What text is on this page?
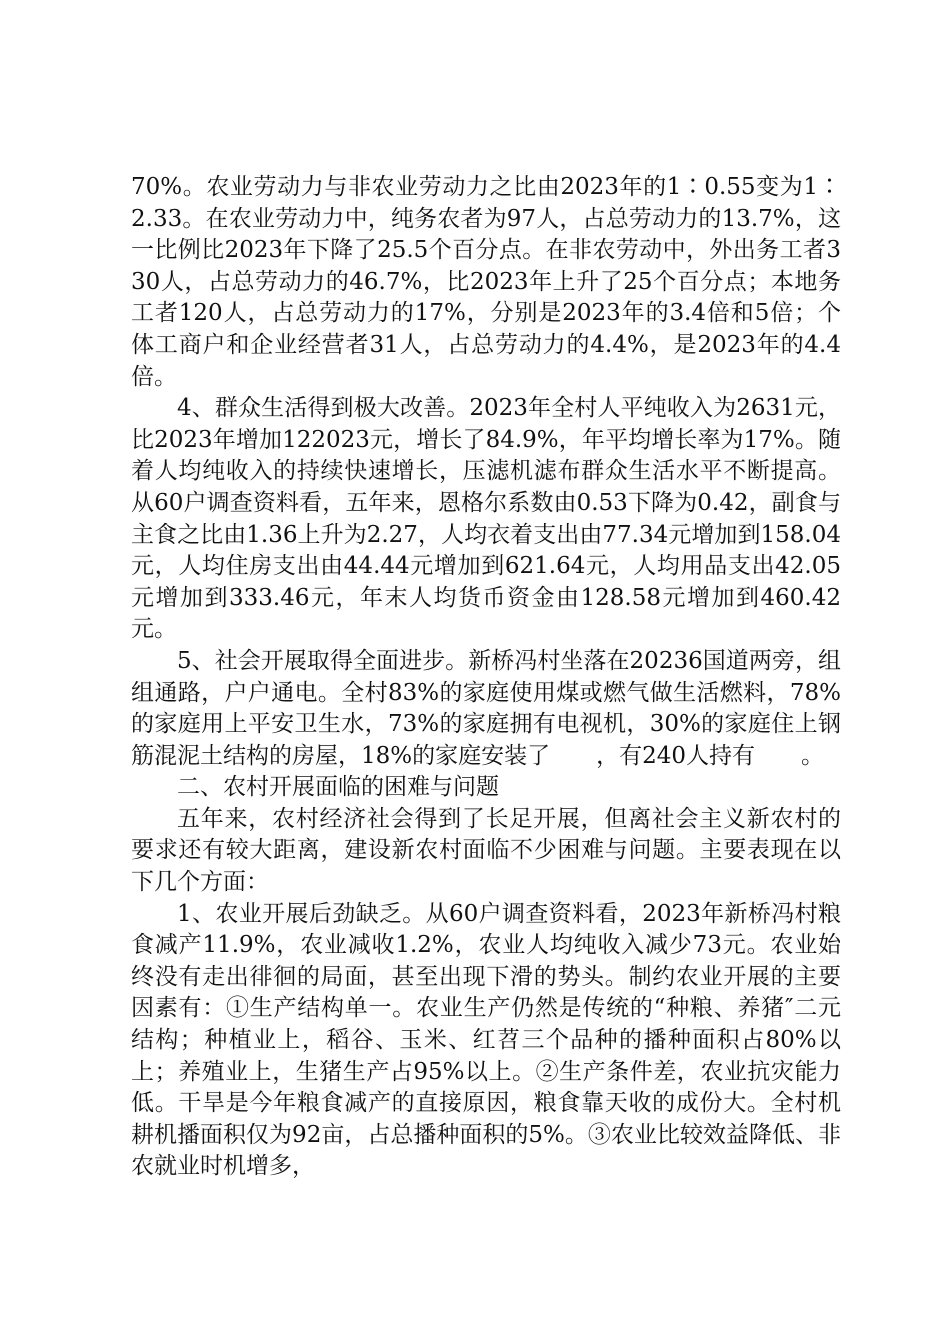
70%。农业劳动力与非农业劳动力之比由2023年的1∶0.55变为1∶2.33。在农业劳动力中，纯务农者为97人，占总劳动力的13.7%，这一比例比2023年下降了25.5个百分点。在非农劳动中，外出务工者330人，占总劳动力的46.7%，比2023年上升了25个百分点；本地务工者120人，占总劳动力的17%，分别是2023年的3.4倍和5倍；个体工商户和企业经营者31人，占总劳动力的4.4%，是2023年的4.4倍。

4、群众生活得到极大改善。2023年全村人平纯收入为2631元，比2023年增加122023元，增长了84.9%，年平均增长率为17%。随着人均纯收入的持续快速增长，压滤机滤布群众生活水平不断提高。从60户调查资料看，五年来，恩格尔系数由0.53下降为0.42，副食与主食之比由1.36上升为2.27，人均衣着支出由77.34元增加到158.04元，人均住房支出由44.44元增加到621.64元，人均用品支出42.05元增加到333.46元，年末人均货币资金由128.58元增加到460.42元。

5、社会开展取得全面进步。新桥冯村坐落在20236国道两旁，组组通路，户户通电。全村83%的家庭使用煤或燃气做生活燃料，78%的家庭用上平安卫生水，73%的家庭拥有电视机，30%的家庭住上钢筋混泥土结构的房屋，18%的家庭安装了　　，有240人持有　　。

二、农村开展面临的困难与问题

五年来，农村经济社会得到了长足开展，但离社会主义新农村的要求还有较大距离，建设新农村面临不少困难与问题。主要表现在以下几个方面：

1、农业开展后劲缺乏。从60户调查资料看，2023年新桥冯村粮食减产11.9%，农业减收1.2%，农业人均纯收入减少73元。农业始终没有走出徘徊的局面，甚至出现下滑的势头。制约农业开展的主要因素有：①生产结构单一。农业生产仍然是传统的“种粮、养猪″二元结构；种植业上，稻谷、玉米、红苕三个品种的播种面积占80%以上；养殖业上，生猪生产占95%以上。②生产条件差，农业抗灾能力低。干旱是今年粮食减产的直接原因，粮食靠天收的成份大。全村机耕机播面积仅为92亩，占总播种面积的5%。③农业比较效益降低、非农就业时机增多，
